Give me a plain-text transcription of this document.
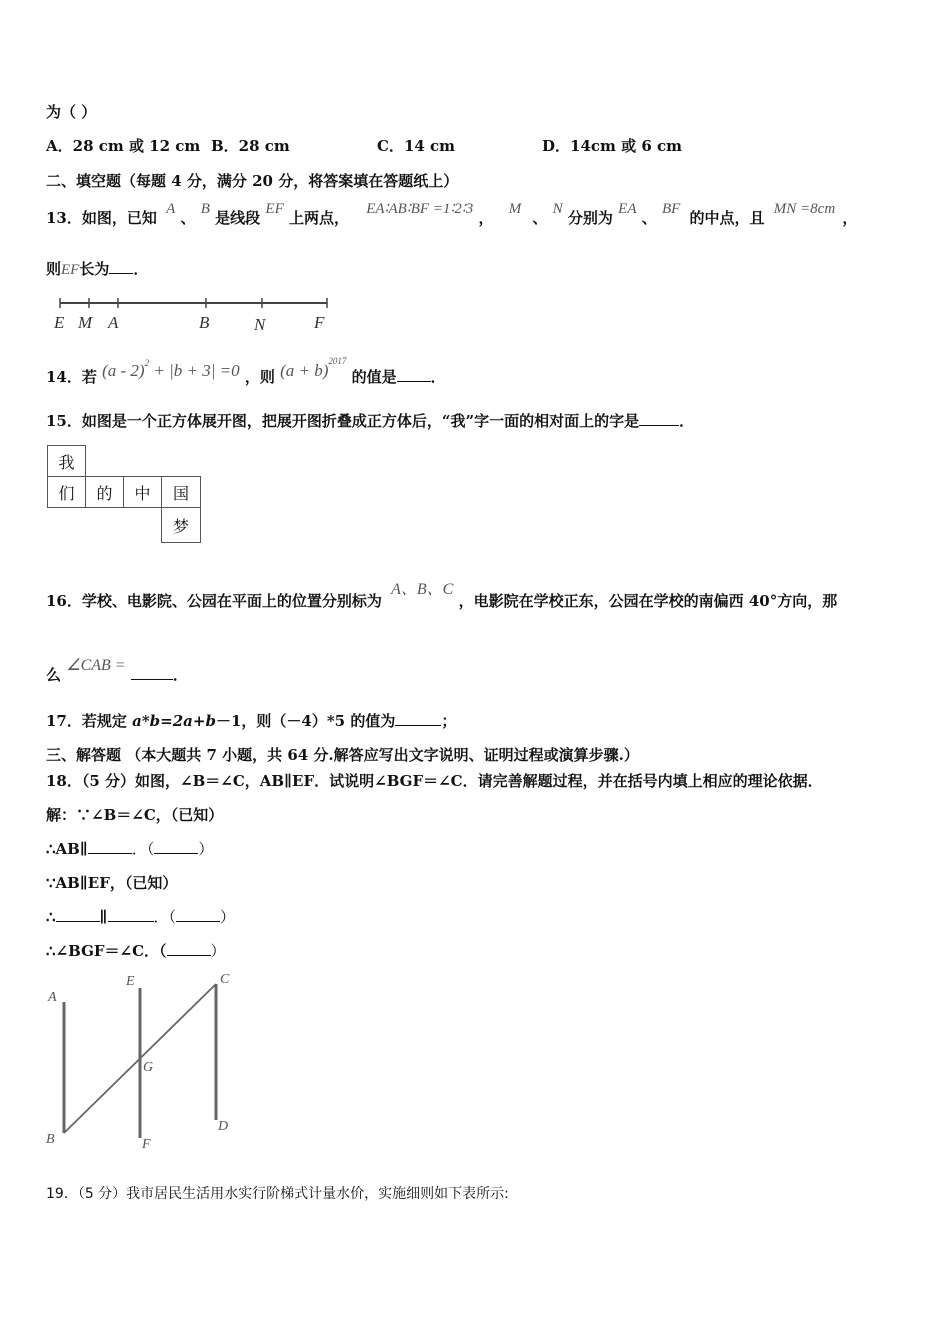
为（ ）
A．28 cm 或 12 cm B．28 cm	C．14 cm	D．14cm 或 6 cm
二、填空题（每题 4 分，满分 20 分，将答案填在答题纸上）
13．如图，已知 A 、 B 是线段 EF 上两点， EA∶AB∶BF =1∶2∶3 ， M 、 N 分别为 EA 、 BF 的中点，且 MN =8cm ，
则EF长为 ．
E M A	B	N	F
14．若 (a - 2)$^2$ + |b + 3| =0 ，则 $(a + b)^{2017}$ 的值是 ．
15．如图是一个正方体展开图，把展开图折叠成正方体后，“我”字一面的相对面上的字是	．
我
们	的	中	国
梦
16．学校、电影院、公园在平面上的位置分别标为 A、B、C ，电影院在学校正东，公园在学校的南偏西 40°方向，那
么 ∠CAB = ．
17．若规定 a*b=2a+b－1，则（－4）*5 的值为	；
三、解答题 （本大题共 7 小题，共 64 分.解答应写出文字说明、证明过程或演算步骤.）
18．（5 分）如图，∠B＝∠C，AB∥EF．试说明∠BGF＝∠C．请完善解题过程，并在括号内填上相应的理论依据．
解：∵∠B＝∠C，（已知）
∴AB∥	．（	）
∵AB∥EF，（已知）
∴	∥	．（	）
∴∠BGF＝∠C．（	）
A
E	C
G
B	F
D
19．（5 分）我市居民生活用水实行阶梯式计量水价，实施细则如下表所示:
